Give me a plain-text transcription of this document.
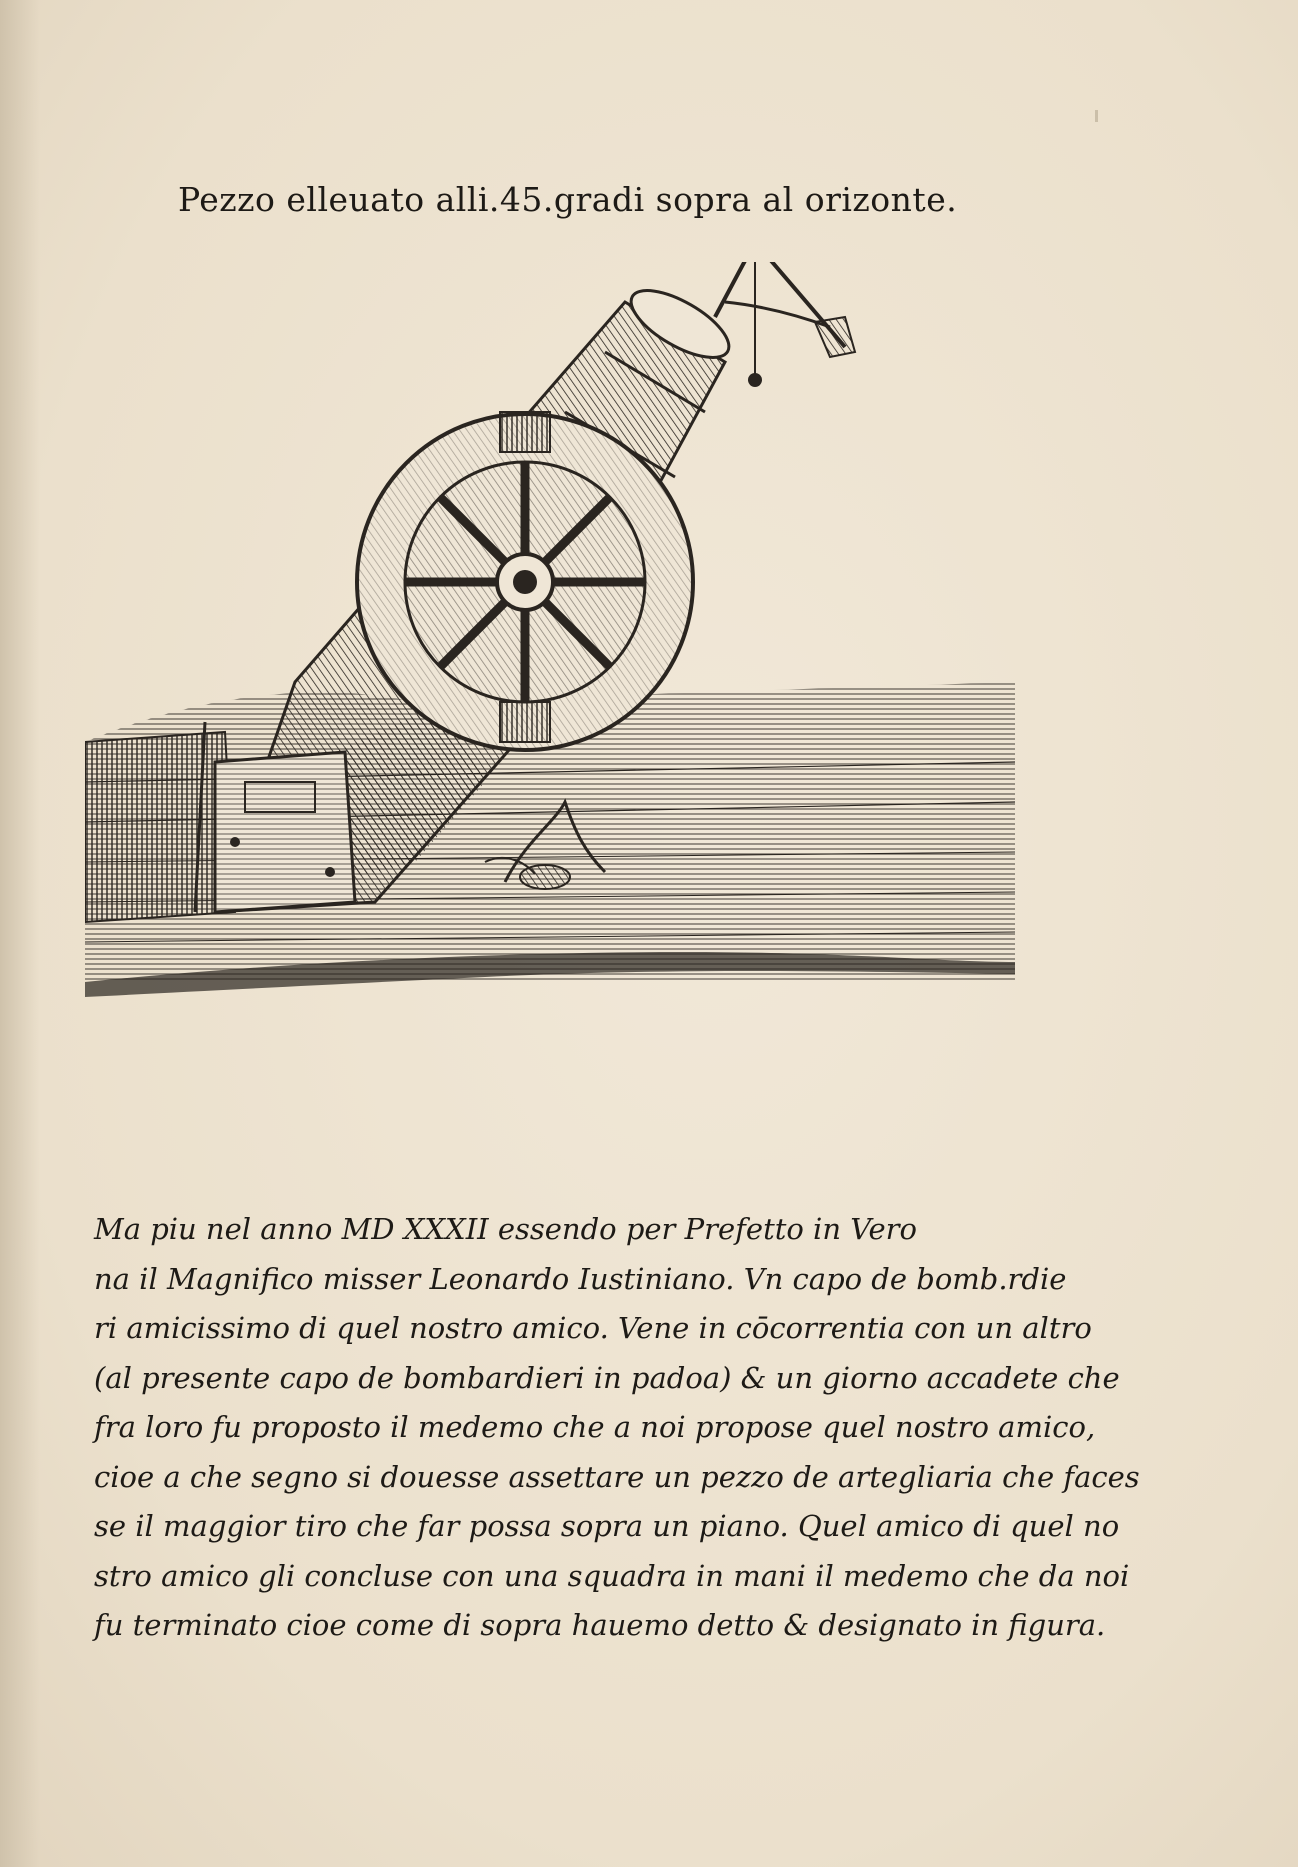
Pezzo elleuato alli.45.gradi sopra al orizonte.
Ma piu nel anno MD XXXII essendo per Prefetto in Vero
na il Magnifico misser Leonardo Iustiniano. Vn capo de bomb.rdie
ri amicissimo di quel nostro amico. Vene in cōcorrentia con un altro
(al presente capo de bombardieri in padoa) & un giorno accadete che
fra loro fu proposto il medemo che a noi propose quel nostro amico,
cioe a che segno si douesse assettare un pezzo de artegliaria che faces
se il maggior tiro che far possa sopra un piano. Quel amico di quel no
stro amico gli concluse con una squadra in mani il medemo che da noi
fu terminato cioe come di sopra hauemo detto & designato in figura.
